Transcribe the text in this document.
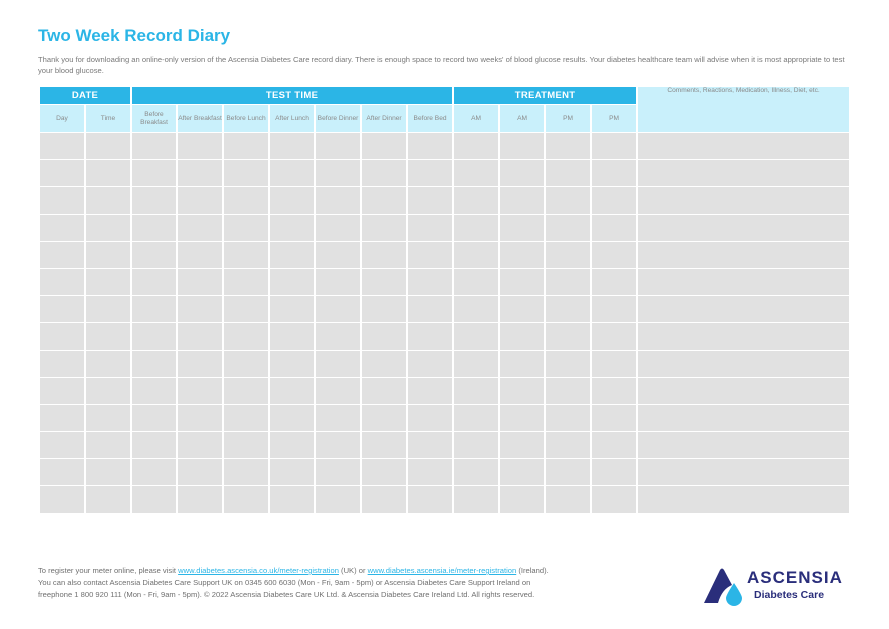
Two Week Record Diary

Thank you for downloading an online-only version of the Ascensia Diabetes Care record diary. There is enough space to record two weeks' of blood glucose results. Your diabetes healthcare team will advise when it is most appropriate to test your blood glucose.

DATE		TEST TIME							TREATMENT				Comments, Reactions, Medication, Illness, Diet, etc.
Day	Time	Before Breakfast	After Breakfast	Before Lunch	After Lunch	Before Dinner	After Dinner	Before Bed	AM	AM	PM	PM	

To register your meter online, please visit www.diabetes.ascensia.co.uk/meter-registration (UK) or www.diabetes.ascensia.ie/meter-registration (Ireland).
You can also contact Ascensia Diabetes Care Support UK on 0345 600 6030 (Mon - Fri, 9am - 5pm) or Ascensia Diabetes Care Support Ireland on
freephone 1 800 920 111 (Mon - Fri, 9am - 5pm). © 2022 Ascensia Diabetes Care UK Ltd. & Ascensia Diabetes Care Ireland Ltd. All rights reserved.

ASCENSIA
Diabetes Care
